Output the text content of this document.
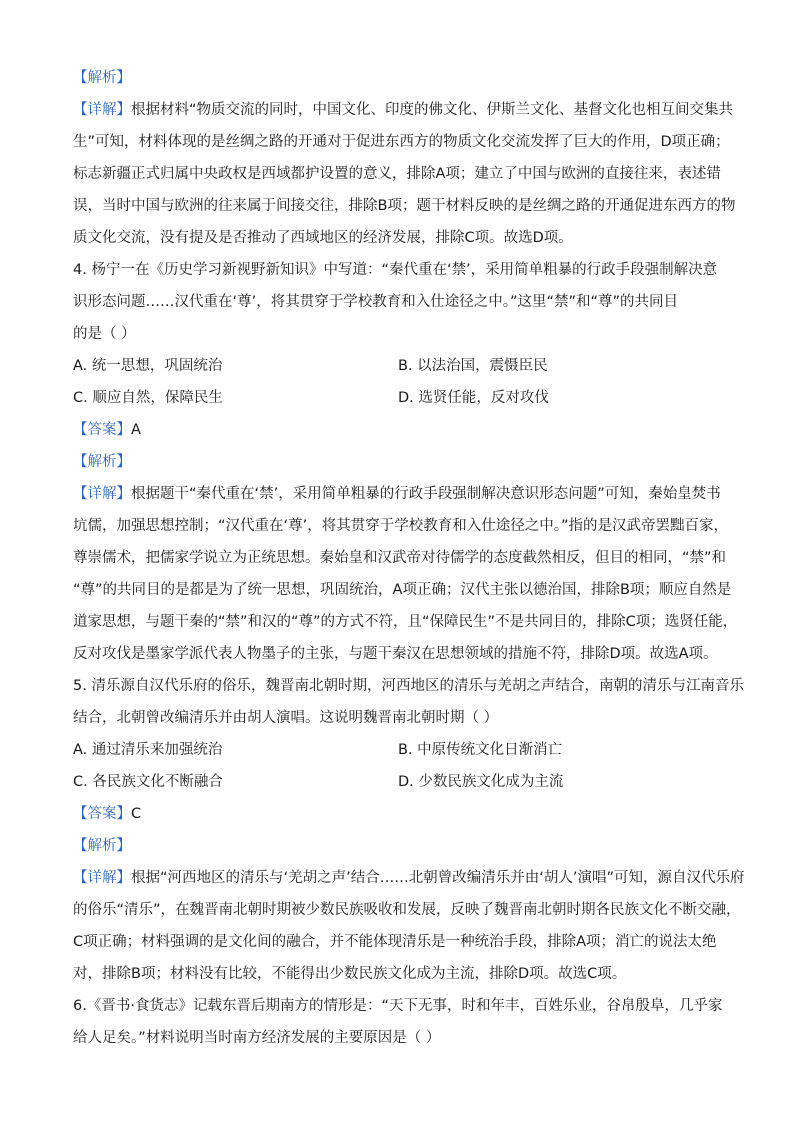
【解析】

【详解】根据材料“物质交流的同时，中国文化、印度的佛文化、伊斯兰文化、基督文化也相互间交集共

生”可知，材料体现的是丝绸之路的开通对于促进东西方的物质文化交流发挥了巨大的作用，D项正确；

标志新疆正式归属中央政权是西域都护设置的意义，排除A项；建立了中国与欧洲的直接往来，表述错

误，当时中国与欧洲的往来属于间接交往，排除B项；题干材料反映的是丝绸之路的开通促进东西方的物

质文化交流，没有提及是否推动了西域地区的经济发展，排除C项。故选D项。

4. 杨宁一在《历史学习新视野新知识》中写道：“秦代重在‘禁’，采用简单粗暴的行政手段强制解决意

识形态问题……汉代重在‘尊’，将其贯穿于学校教育和入仕途径之中。”这里“禁”和“尊”的共同目

的是（ ）

A. 统一思想，巩固统治	B. 以法治国，震慑臣民
C. 顺应自然，保障民生	D. 选贤任能，反对攻伐

【答案】A

【解析】

【详解】根据题干“秦代重在‘禁’，采用简单粗暴的行政手段强制解决意识形态问题”可知，秦始皇焚书

坑儒，加强思想控制；“汉代重在‘尊’，将其贯穿于学校教育和入仕途径之中。”指的是汉武帝罢黜百家，

尊崇儒术，把儒家学说立为正统思想。秦始皇和汉武帝对待儒学的态度截然相反，但目的相同，“禁”和

“尊”的共同目的是都是为了统一思想，巩固统治，A项正确；汉代主张以德治国，排除B项；顺应自然是

道家思想，与题干秦的“禁”和汉的“尊”的方式不符，且“保障民生”不是共同目的，排除C项；选贤任能，

反对攻伐是墨家学派代表人物墨子的主张，与题干秦汉在思想领域的措施不符，排除D项。故选A项。

5. 清乐源自汉代乐府的俗乐，魏晋南北朝时期，河西地区的清乐与羌胡之声结合，南朝的清乐与江南音乐

结合，北朝曾改编清乐并由胡人演唱。这说明魏晋南北朝时期（ ）

A. 通过清乐来加强统治	B. 中原传统文化日渐消亡
C. 各民族文化不断融合	D. 少数民族文化成为主流

【答案】C

【解析】

【详解】根据“河西地区的清乐与‘羌胡之声’结合……北朝曾改编清乐并由‘胡人’演唱”可知，源自汉代乐府

的俗乐“清乐”，在魏晋南北朝时期被少数民族吸收和发展，反映了魏晋南北朝时期各民族文化不断交融，

C项正确；材料强调的是文化间的融合，并不能体现清乐是一种统治手段，排除A项；消亡的说法太绝

对，排除B项；材料没有比较，不能得出少数民族文化成为主流，排除D项。故选C项。

6.《晋书·食货志》记载东晋后期南方的情形是：“天下无事，时和年丰，百姓乐业，谷帛殷阜，几乎家

给人足矣。”材料说明当时南方经济发展的主要原因是（ ）
